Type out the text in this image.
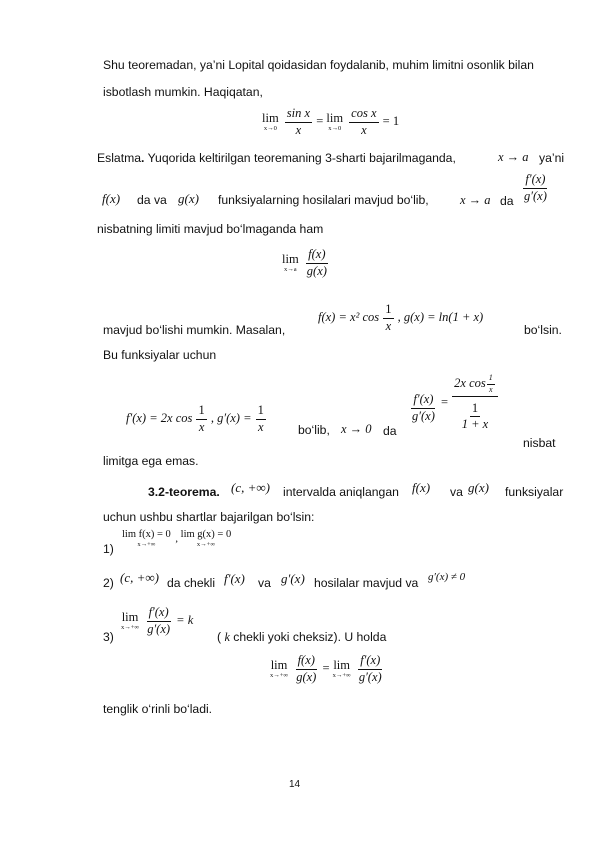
Shu teoremadan, ya’ni Lopital qoidasidan foydalanib, muhim limitni osonlik bilan
isbotlash mumkin. Haqiqatan,
lim
x→0
$\frac{\text{sin x}}{x} = \lim$
x→0
$\frac{\text{cos x}}{x} = 1$
Eslatma. Yuqorida keltirilgan teoremaning 3-sharti bajarilmaganda,	x → a ya’ni
f(x) da va g(x) funksiyalarning hosilalari mavjud bo‘lib,	x → a da $\frac{f'(x)}{g'(x)}$
nisbatning limiti mavjud bo‘lmaganda ham
lim
x→a
$\frac{f(x)}{g(x)}$
mavjud bo‘lishi mumkin. Masalan,
f(x) = x² $\cos \frac{1}{x}$ , g(x) = ln(1 + x)
bo‘lsin.
Bu funksiyalar uchun
f′(x) = 2x $\cos \frac{1}{x}$ , $g'(x) = \frac{1}{x}$	bo‘lib, x → 0 da
$\frac{f'(x)}{g'(x)} = \frac{2x \cos \frac{1}{x}}{\frac{1}{1 + x}}$
nisbat
limitga ega emas.
3.2-teorema. (c, +∞) intervalda aniqlangan f(x) va g(x) funksiyalar
uchun ushbu shartlar bajarilgan bo‘lsin:
1)
lim f(x) = 0
x→+∞ , lim g(x) = 0
x→+∞
2) (c, +∞) da chekli f′(x) va g′(x) hosilalar mavjud va g′(x) ≠ 0
3)
lim
x→+∞
$\frac{f'(x)}{g'(x)} = k$
( k chekli yoki cheksiz). U holda
lim
x→+∞
$\frac{f(x)}{g(x)} = \lim$
x→+∞
$\frac{f'(x)}{g'(x)}$
tenglik o‘rinli bo‘ladi.
14
